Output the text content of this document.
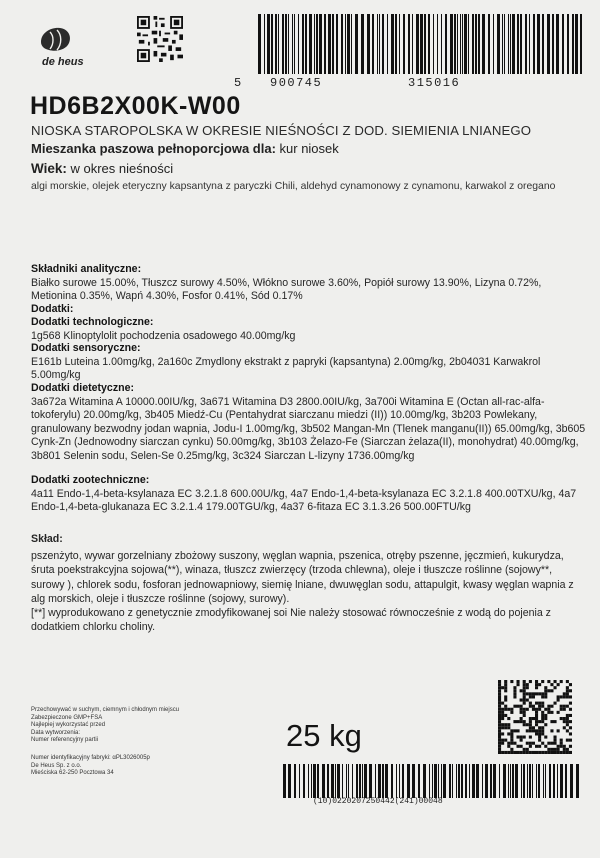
de heus
5 900745	315016
HD6B2X00K-W00
NIOSKA STAROPOLSKA W OKRESIE NIEŚNOŚCI Z DOD. SIEMIENIA LNIANEGO
Mieszanka paszowa pełnoporcjowa dla: kur niosek
Wiek: w okres nieśności
algi morskie, olejek eteryczny kapsantyna z paryczki Chili, aldehyd cynamonowy z cynamonu, karwakol z oregano
Składniki analityczne:
Białko surowe 15.00%, Tłuszcz surowy 4.50%, Włókno surowe 3.60%, Popiół surowy 13.90%, Lizyna 0.72%, Metionina 0.35%, Wapń 4.30%, Fosfor 0.41%, Sód 0.17%
Dodatki:
Dodatki technologiczne:
1g568 Klinoptylolit pochodzenia osadowego 40.00mg/kg
Dodatki sensoryczne:
E161b Luteina 1.00mg/kg, 2a160c Zmydlony ekstrakt z papryki (kapsantyna) 2.00mg/kg, 2b04031 Karwakrol 5.00mg/kg
Dodatki dietetyczne:
3a672a Witamina A 10000.00IU/kg, 3a671 Witamina D3 2800.00IU/kg, 3a700i Witamina E (Octan all-rac-alfa-tokoferylu) 20.00mg/kg, 3b405 Miedź-Cu (Pentahydrat siarczanu miedzi (II)) 10.00mg/kg, 3b203 Powlekany, granulowany bezwodny jodan wapnia, Jodu-I 1.00mg/kg, 3b502 Mangan-Mn (Tlenek manganu(II)) 65.00mg/kg, 3b605 Cynk-Zn (Jednowodny siarczan cynku) 50.00mg/kg, 3b103 Żelazo-Fe (Siarczan żelaza(II), monohydrat) 40.00mg/kg, 3b801 Selenin sodu, Selen-Se 0.25mg/kg, 3c324 Siarczan L-lizyny 1736.00mg/kg
Dodatki zootechniczne:
4a11 Endo-1,4-beta-ksylanaza EC 3.2.1.8 600.00U/kg, 4a7 Endo-1,4-beta-ksylanaza EC 3.2.1.8 400.00TXU/kg, 4a7 Endo-1,4-beta-glukanaza EC 3.2.1.4 179.00TGU/kg, 4a37 6-fitaza EC 3.1.3.26 500.00FTU/kg
Skład:
pszenżyto, wywar gorzelniany zbożowy suszony, węglan wapnia, pszenica, otręby pszenne, jęczmień, kukurydza, śruta poekstrakcyjna sojowa(**), winaza, tłuszcz zwierzęcy (trzoda chlewna), oleje i tłuszcze roślinne (sojowy**, surowy ), chlorek sodu, fosforan jednowapniowy, siemię lniane, dwuwęglan sodu, attapulgit, kwasy węglan wapnia z alg morskich, oleje i tłuszcze roślinne (sojowy, surowy).
[**] wyprodukowano z genetycznie zmodyfikowanej soi Nie należy stosować równocześnie z wodą do pojenia z dodatkiem chlorku choliny.
Przechowywać w suchym, ciemnym i chłodnym miejscu
Zabezpieczone GMP+FSA
Najlepiej wykorzystać przed
Data wytworzenia:
Numer referencyjny partii
Numer identyfikacyjny fabryki: αPL3026005p
De Heus Sp. z o.o.
Mieściska 62-250 Pocztowa 34
25 kg
(10)0220207250442(241)00048
